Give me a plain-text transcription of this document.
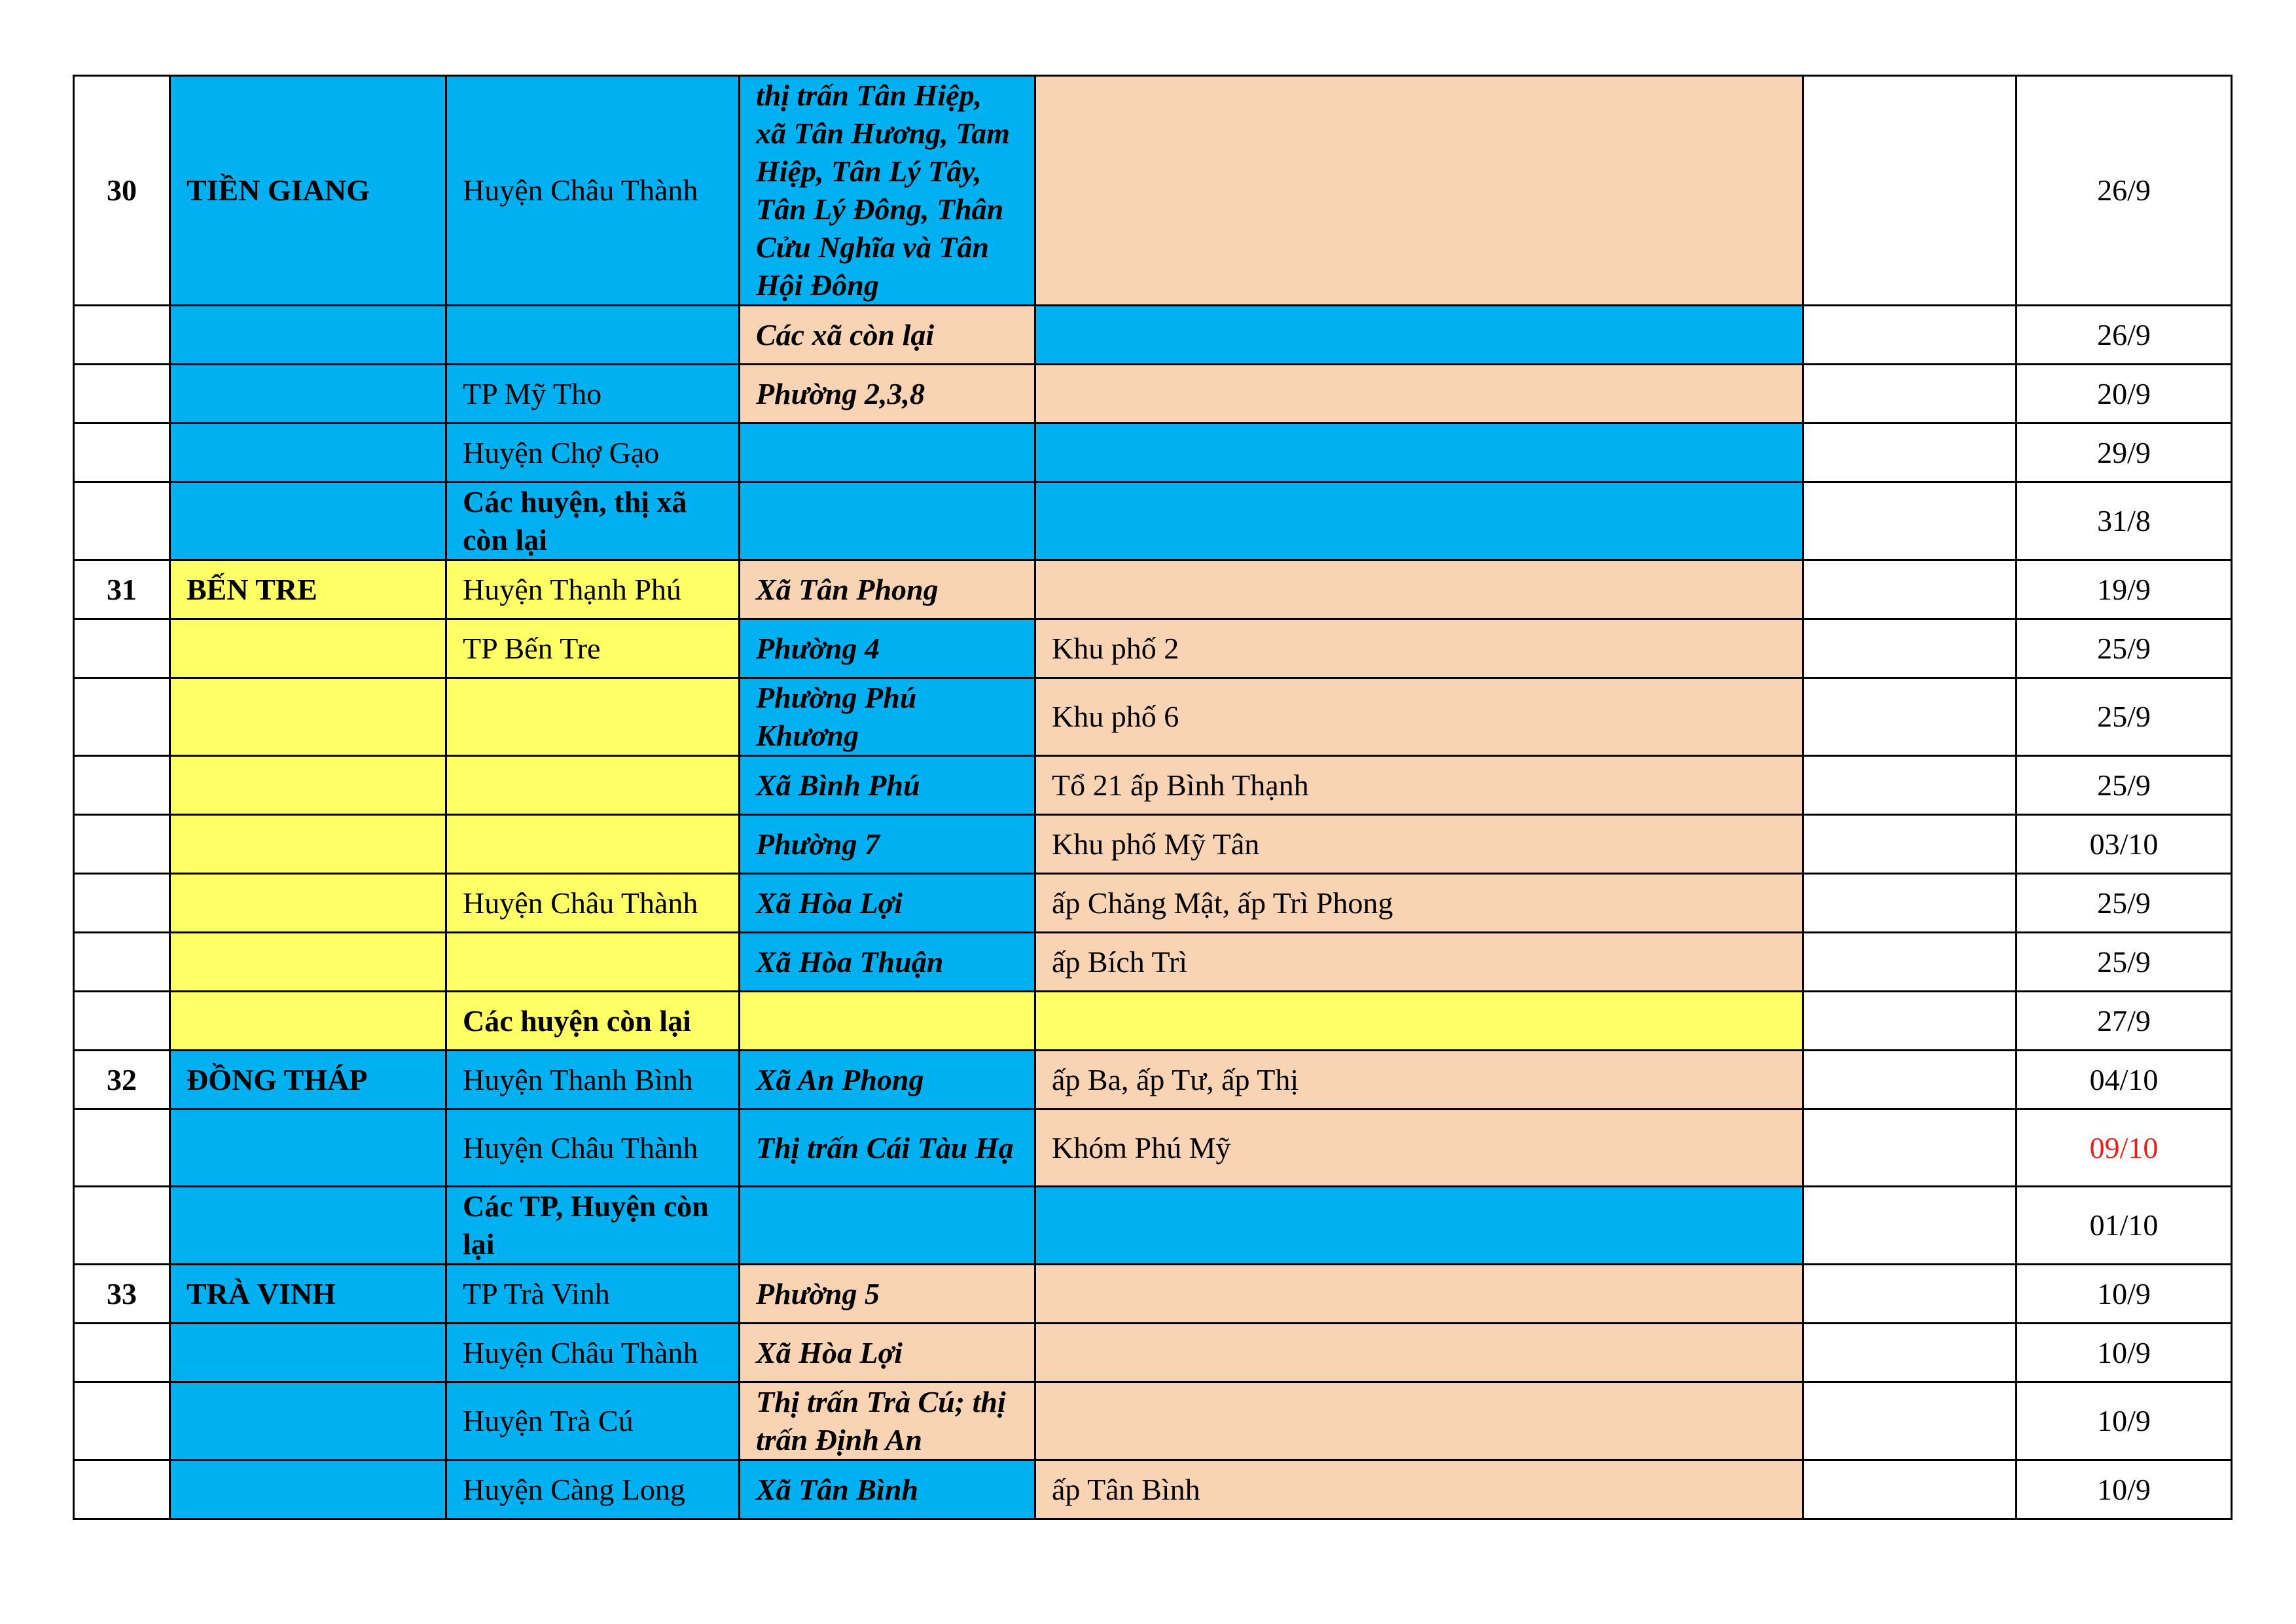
30	TIỀN GIANG	Huyện Châu Thành	thị trấn Tân Hiệp, xã Tân Hương, Tam Hiệp, Tân Lý Tây, Tân Lý Đông, Thân Cửu Nghĩa và Tân Hội Đông			26/9
			Các xã còn lại			26/9
		TP Mỹ Tho	Phường 2,3,8			20/9
		Huyện Chợ Gạo				29/9
		Các huyện, thị xã còn lại				31/8
31	BẾN TRE	Huyện Thạnh Phú	Xã Tân Phong			19/9
		TP Bến Tre	Phường 4	Khu phố 2		25/9
			Phường Phú Khương	Khu phố 6		25/9
			Xã Bình Phú	Tổ 21 ấp Bình Thạnh		25/9
			Phường 7	Khu phố Mỹ Tân		03/10
		Huyện Châu Thành	Xã Hòa Lợi	ấp Chăng Mật, ấp Trì Phong		25/9
			Xã Hòa Thuận	ấp Bích Trì		25/9
		Các huyện còn lại				27/9
32	ĐỒNG THÁP	Huyện Thanh Bình	Xã An Phong	ấp Ba, ấp Tư, ấp Thị		04/10
		Huyện Châu Thành	Thị trấn Cái Tàu Hạ	Khóm Phú Mỹ		09/10
		Các TP, Huyện còn lại				01/10
33	TRÀ VINH	TP Trà Vinh	Phường 5			10/9
		Huyện Châu Thành	Xã Hòa Lợi			10/9
		Huyện Trà Cú	Thị trấn Trà Cú; thị trấn Định An			10/9
		Huyện Càng Long	Xã Tân Bình	ấp Tân Bình		10/9
